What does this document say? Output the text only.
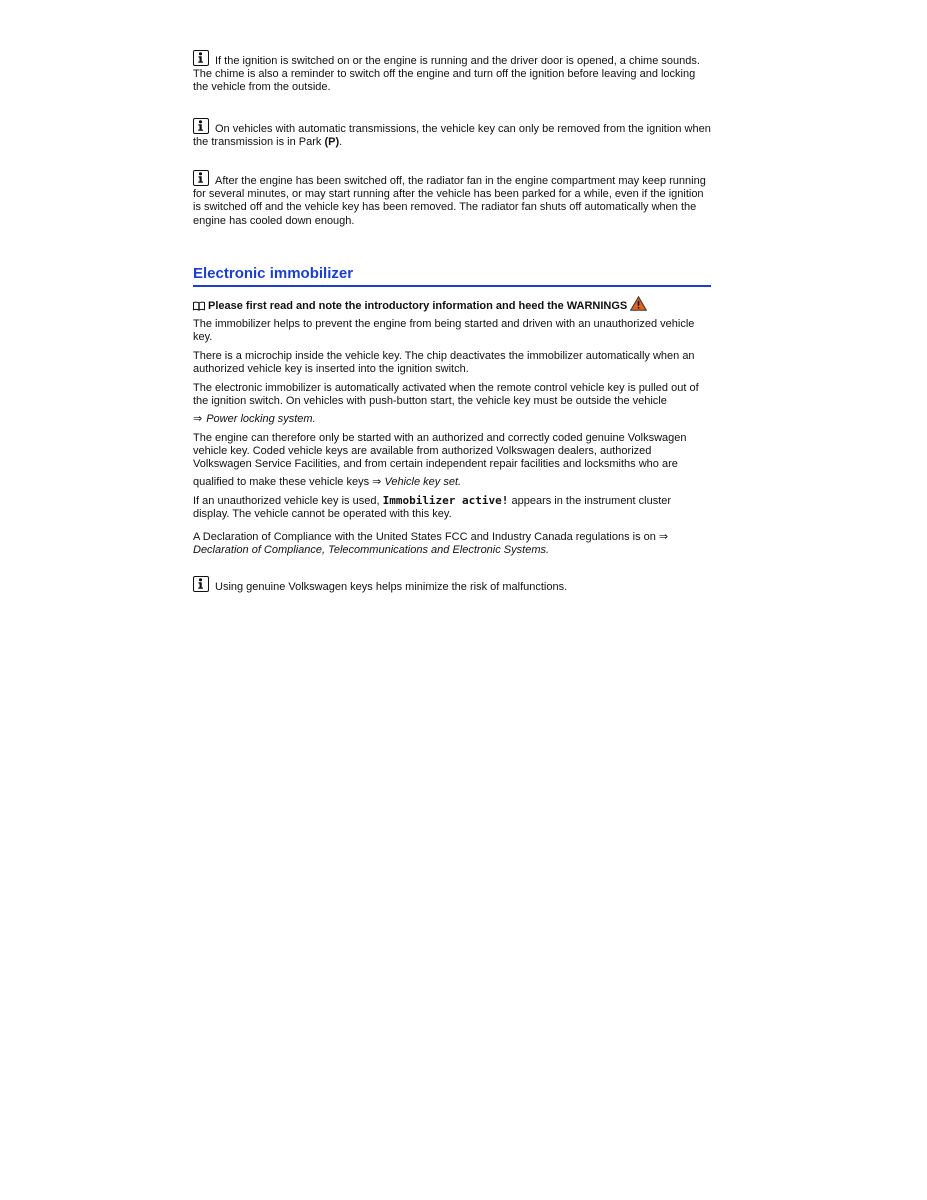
If the ignition is switched on or the engine is running and the driver door is opened, a chime sounds. The chime is also a reminder to switch off the engine and turn off the ignition before leaving and locking the vehicle from the outside.
On vehicles with automatic transmissions, the vehicle key can only be removed from the ignition when the transmission is in Park (P).
After the engine has been switched off, the radiator fan in the engine compartment may keep running for several minutes, or may start running after the vehicle has been parked for a while, even if the ignition is switched off and the vehicle key has been removed. The radiator fan shuts off automatically when the engine has cooled down enough.
Electronic immobilizer
Please first read and note the introductory information and heed the WARNINGS

The immobilizer helps to prevent the engine from being started and driven with an unauthorized vehicle key.

There is a microchip inside the vehicle key. The chip deactivates the immobilizer automatically when an authorized vehicle key is inserted into the ignition switch.

The electronic immobilizer is automatically activated when the remote control vehicle key is pulled out of the ignition switch. On vehicles with push-button start, the vehicle key must be outside the vehicle

⇒ Power locking system.

The engine can therefore only be started with an authorized and correctly coded genuine Volkswagen vehicle key. Coded vehicle keys are available from authorized Volkswagen dealers, authorized Volkswagen Service Facilities, and from certain independent repair facilities and locksmiths who are

qualified to make these vehicle keys ⇒ Vehicle key set.

If an unauthorized vehicle key is used, Immobilizer active! appears in the instrument cluster display. The vehicle cannot be operated with this key.

A Declaration of Compliance with the United States FCC and Industry Canada regulations is on ⇒
Declaration of Compliance, Telecommunications and Electronic Systems.

Using genuine Volkswagen keys helps minimize the risk of malfunctions.
